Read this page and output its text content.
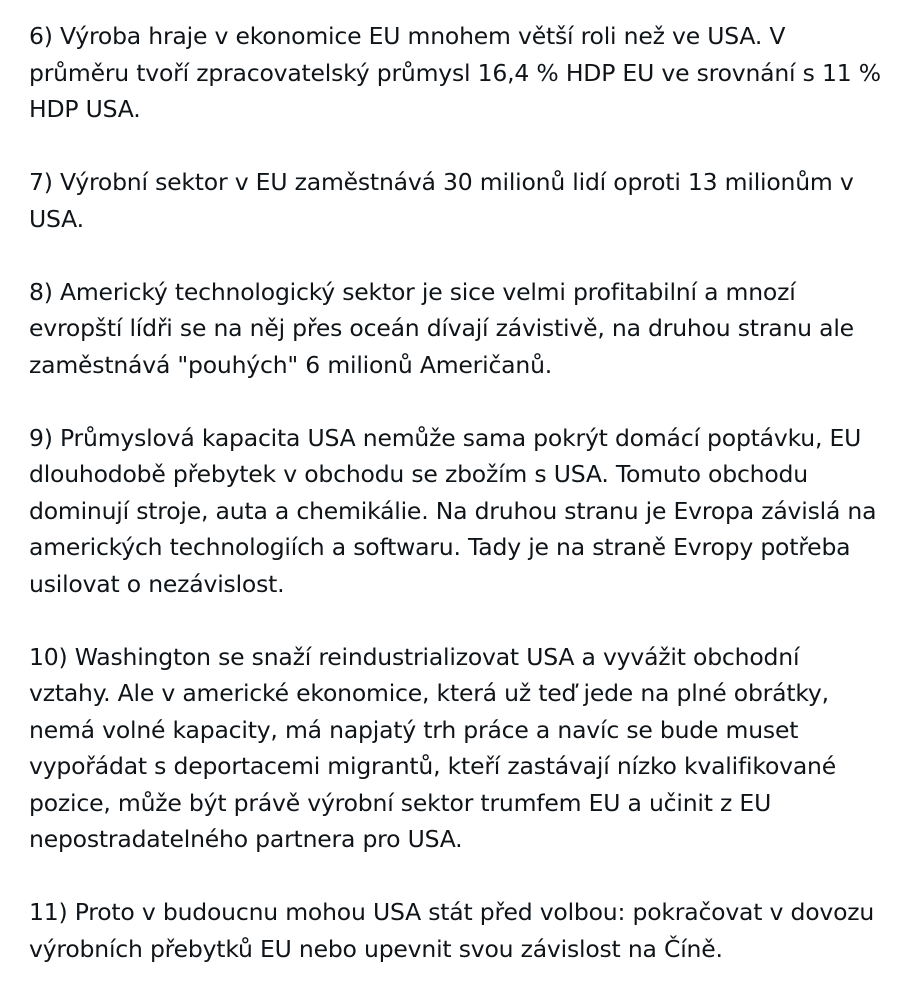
6) Výroba hraje v ekonomice EU mnohem větší roli než ve USA. V
průměru tvoří zpracovatelský průmysl 16,4 % HDP EU ve srovnání s 11 %
HDP USA.

7) Výrobní sektor v EU zaměstnává 30 milionů lidí oproti 13 milionům v
USA.

8) Americký technologický sektor je sice velmi profitabilní a mnozí
evropští lídři se na něj přes oceán dívají závistivě, na druhou stranu ale
zaměstnává "pouhých" 6 milionů Američanů.

9) Průmyslová kapacita USA nemůže sama pokrýt domácí poptávku, EU
dlouhodobě přebytek v obchodu se zbožím s USA. Tomuto obchodu
dominují stroje, auta a chemikálie. Na druhou stranu je Evropa závislá na
amerických technologiích a softwaru. Tady je na straně Evropy potřeba
usilovat o nezávislost.

10) Washington se snaží reindustrializovat USA a vyvážit obchodní
vztahy. Ale v americké ekonomice, která už teď jede na plné obrátky,
nemá volné kapacity, má napjatý trh práce a navíc se bude muset
vypořádat s deportacemi migrantů, kteří zastávají nízko kvalifikované
pozice, může být právě výrobní sektor trumfem EU a učinit z EU
nepostradatelného partnera pro USA.

11) Proto v budoucnu mohou USA stát před volbou: pokračovat v dovozu
výrobních přebytků EU nebo upevnit svou závislost na Číně.
